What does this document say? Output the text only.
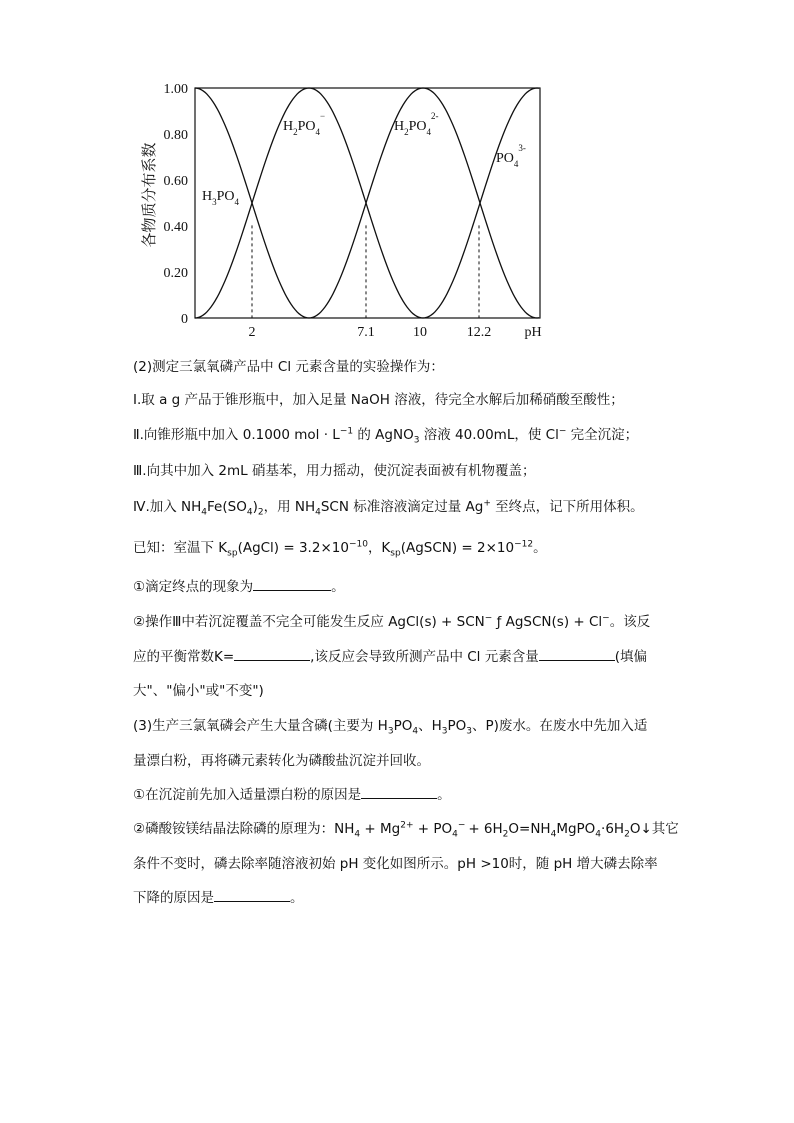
各物质分布系数
1.00
0.80
0.60
0.40
0.20
0
2	7.1	10	12.2 pH
$H_3PO_4$
$H_2PO_4^-$
$H_2PO_4^{2-}$
$PO_4^{3-}$
(2)测定三氯氧磷产品中 Cl 元素含量的实验操作为：
Ⅰ.取 a g 产品于锥形瓶中，加入足量 NaOH 溶液，待完全水解后加稀硝酸至酸性；
Ⅱ.向锥形瓶中加入 0.1000 mol · $L^{-1}$ 的 AgNO$_3$ 溶液 40.00mL，使 Cl− 完全沉淀；
Ⅲ.向其中加入 2mL 硝基苯，用力摇动，使沉淀表面被有机物覆盖；
Ⅳ.加入 $NH_4Fe(SO_4)_2$，用 $NH_4SCN$ 标准溶液滴定过量 Ag+ 至终点，记下所用体积。
已知：室温下 $K_{sp}(AgCl) = 3.2\times 10^{-10}$，$K_{sp}(AgSCN) = 2\times 10^{-12}$。
①滴定终点的现象为	。
②操作Ⅲ中若沉淀覆盖不完全可能发生反应 AgCl(s) + SCN− ƒ AgSCN(s) + Cl−。该反
应的平衡常数K=	,该反应会导致所测产品中 Cl 元素含量	(填偏
大"、"偏小"或"不变")
(3)生产三氯氧磷会产生大量含磷(主要为 $H_3PO_4$、$H_3PO_3$、P)废水。在废水中先加入适
量漂白粉，再将磷元素转化为磷酸盐沉淀并回收。
①在沉淀前先加入适量漂白粉的原因是	。
②磷酸铵镁结晶法除磷的原理为：$NH_4 + Mg^{2+} + PO_4^-$ + $6H_2O=NH_4MgPO_4\cdot 6H_2O↓$其它
条件不变时，磷去除率随溶液初始 pH 变化如图所示。pH >10时，随 pH 增大磷去除率
下降的原因是	。
